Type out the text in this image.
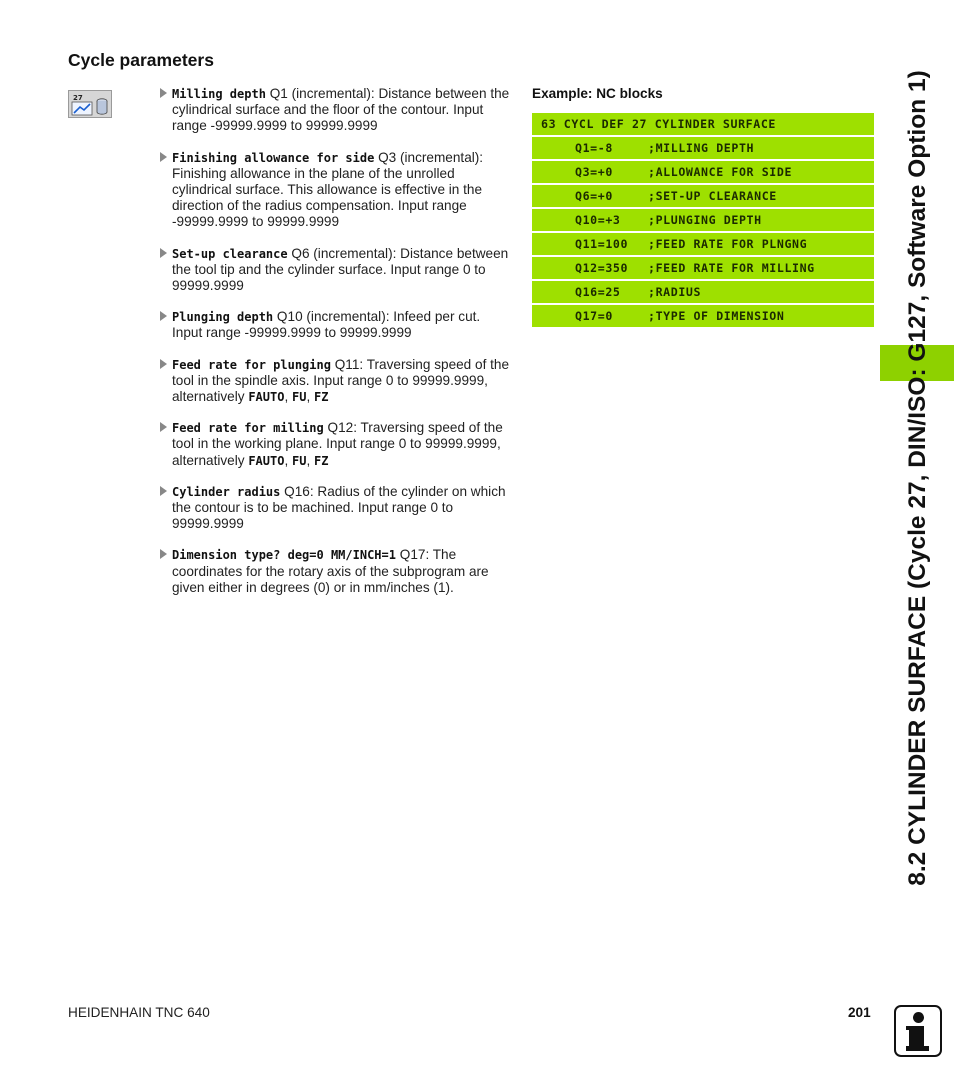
Cycle parameters
27	Milling depth Q1 (incremental): Distance between the cylindrical surface and the floor of the contour. Input range -99999.9999 to 99999.9999
Finishing allowance for side Q3 (incremental): Finishing allowance in the plane of the unrolled cylindrical surface. This allowance is effective in the direction of the radius compensation. Input range -99999.9999 to 99999.9999
Set-up clearance Q6 (incremental): Distance between the tool tip and the cylinder surface. Input range 0 to 99999.9999
Plunging depth Q10 (incremental): Infeed per cut. Input range -99999.9999 to 99999.9999
Feed rate for plunging Q11: Traversing speed of the tool in the spindle axis. Input range 0 to 99999.9999, alternatively FAUTO, FU, FZ
Feed rate for milling Q12: Traversing speed of the tool in the working plane. Input range 0 to 99999.9999, alternatively FAUTO, FU, FZ
Cylinder radius Q16: Radius of the cylinder on which the contour is to be machined. Input range 0 to 99999.9999
Dimension type? deg=0 MM/INCH=1 Q17: The coordinates for the rotary axis of the subprogram are given either in degrees (0) or in mm/inches (1).
Example: NC blocks
63 CYCL DEF 27 CYLINDER SURFACE
Q1=-8	;MILLING DEPTH
Q3=+0	;ALLOWANCE FOR SIDE
Q6=+0	;SET-UP CLEARANCE
Q10=+3 ;PLUNGING DEPTH
Q11=100 ;FEED RATE FOR PLNGNG
Q12=350 ;FEED RATE FOR MILLING
Q16=25 ;RADIUS
Q17=0	;TYPE OF DIMENSION	8.2 CYLINDER SURFACE (Cycle 27, DIN/ISO: G127, Software Option 1)
HEIDENHAIN TNC 640	201
